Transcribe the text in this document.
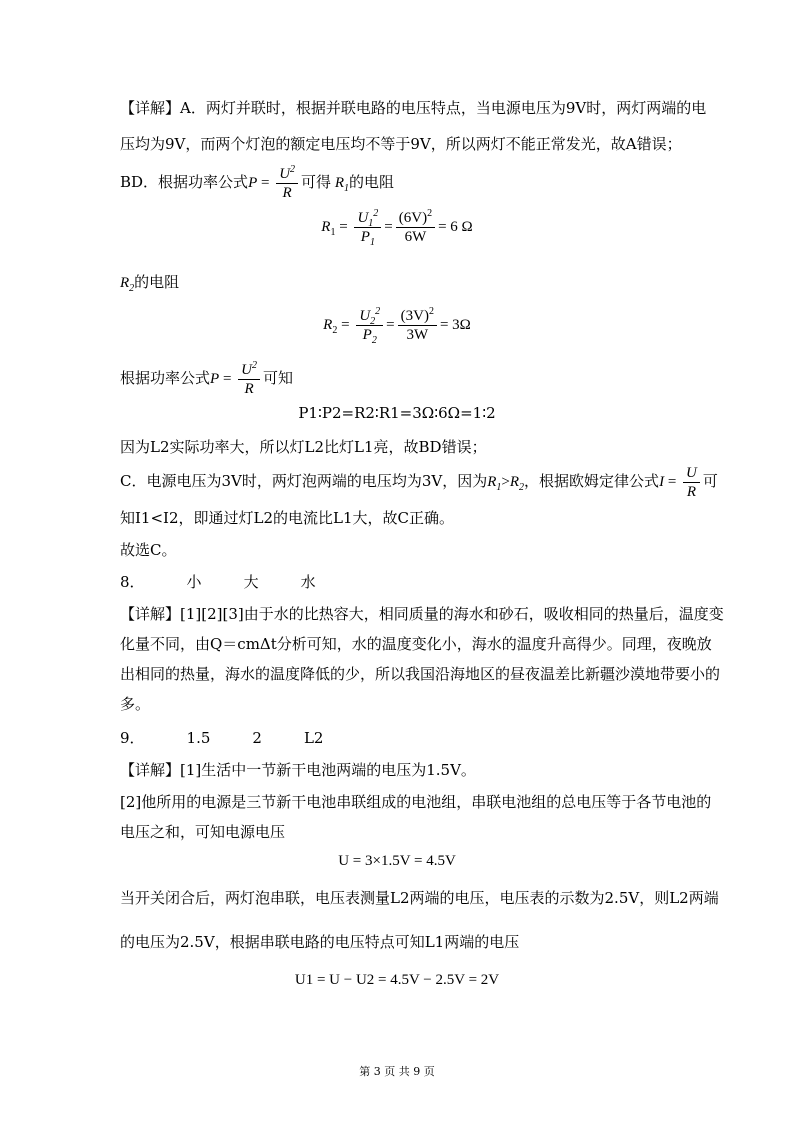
【详解】A．两灯并联时，根据并联电路的电压特点，当电源电压为9V时，两灯两端的电
压均为9V，而两个灯泡的额定电压均不等于9V，所以两灯不能正常发光，故A错误；
BD．根据功率公式$P = \frac{U^2}{R}$ 可得 $R_1$的电阻
$R_1 = \frac{U_1^2}{P_1} = \frac{(6V)^2}{6W} = 6$ Ω
$R_2$的电阻
$R_2 = \frac{U_2^2}{P_2} = \frac{(3V)^2}{3W} = 3\Omega$
根据功率公式$P = \frac{U^2}{R}$ 可知
P1∶P2=R2∶R1=3Ω∶6Ω=1∶2
因为L2实际功率大，所以灯L2比灯L1亮，故BD错误；
C．电源电压为3V时，两灯泡两端的电压均为3V，因为$R_1>R_2$，根据欧姆定律公式$I = \frac{U}{R}$ 可
知I1<I2，即通过灯L2的电流比L1大，故C正确。
故选C。
8．	小	大	水
【详解】[1][2][3]由于水的比热容大，相同质量的海水和砂石，吸收相同的热量后，温度变
化量不同，由Q＝cmΔt分析可知，水的温度变化小，海水的温度升高得少。同理，夜晚放
出相同的热量，海水的温度降低的少，所以我国沿海地区的昼夜温差比新疆沙漠地带要小的
多。
9．	1.5	2	L2
【详解】[1]生活中一节新干电池两端的电压为1.5V。
[2]他所用的电源是三节新干电池串联组成的电池组，串联电池组的总电压等于各节电池的
电压之和，可知电源电压
U = 3×1.5V = 4.5V
当开关闭合后，两灯泡串联，电压表测量L2两端的电压，电压表的示数为2.5V，则L2两端
的电压为2.5V，根据串联电路的电压特点可知L1两端的电压
U1 = U − U2 = 4.5V − 2.5V = 2V
第 3 页 共 9 页
